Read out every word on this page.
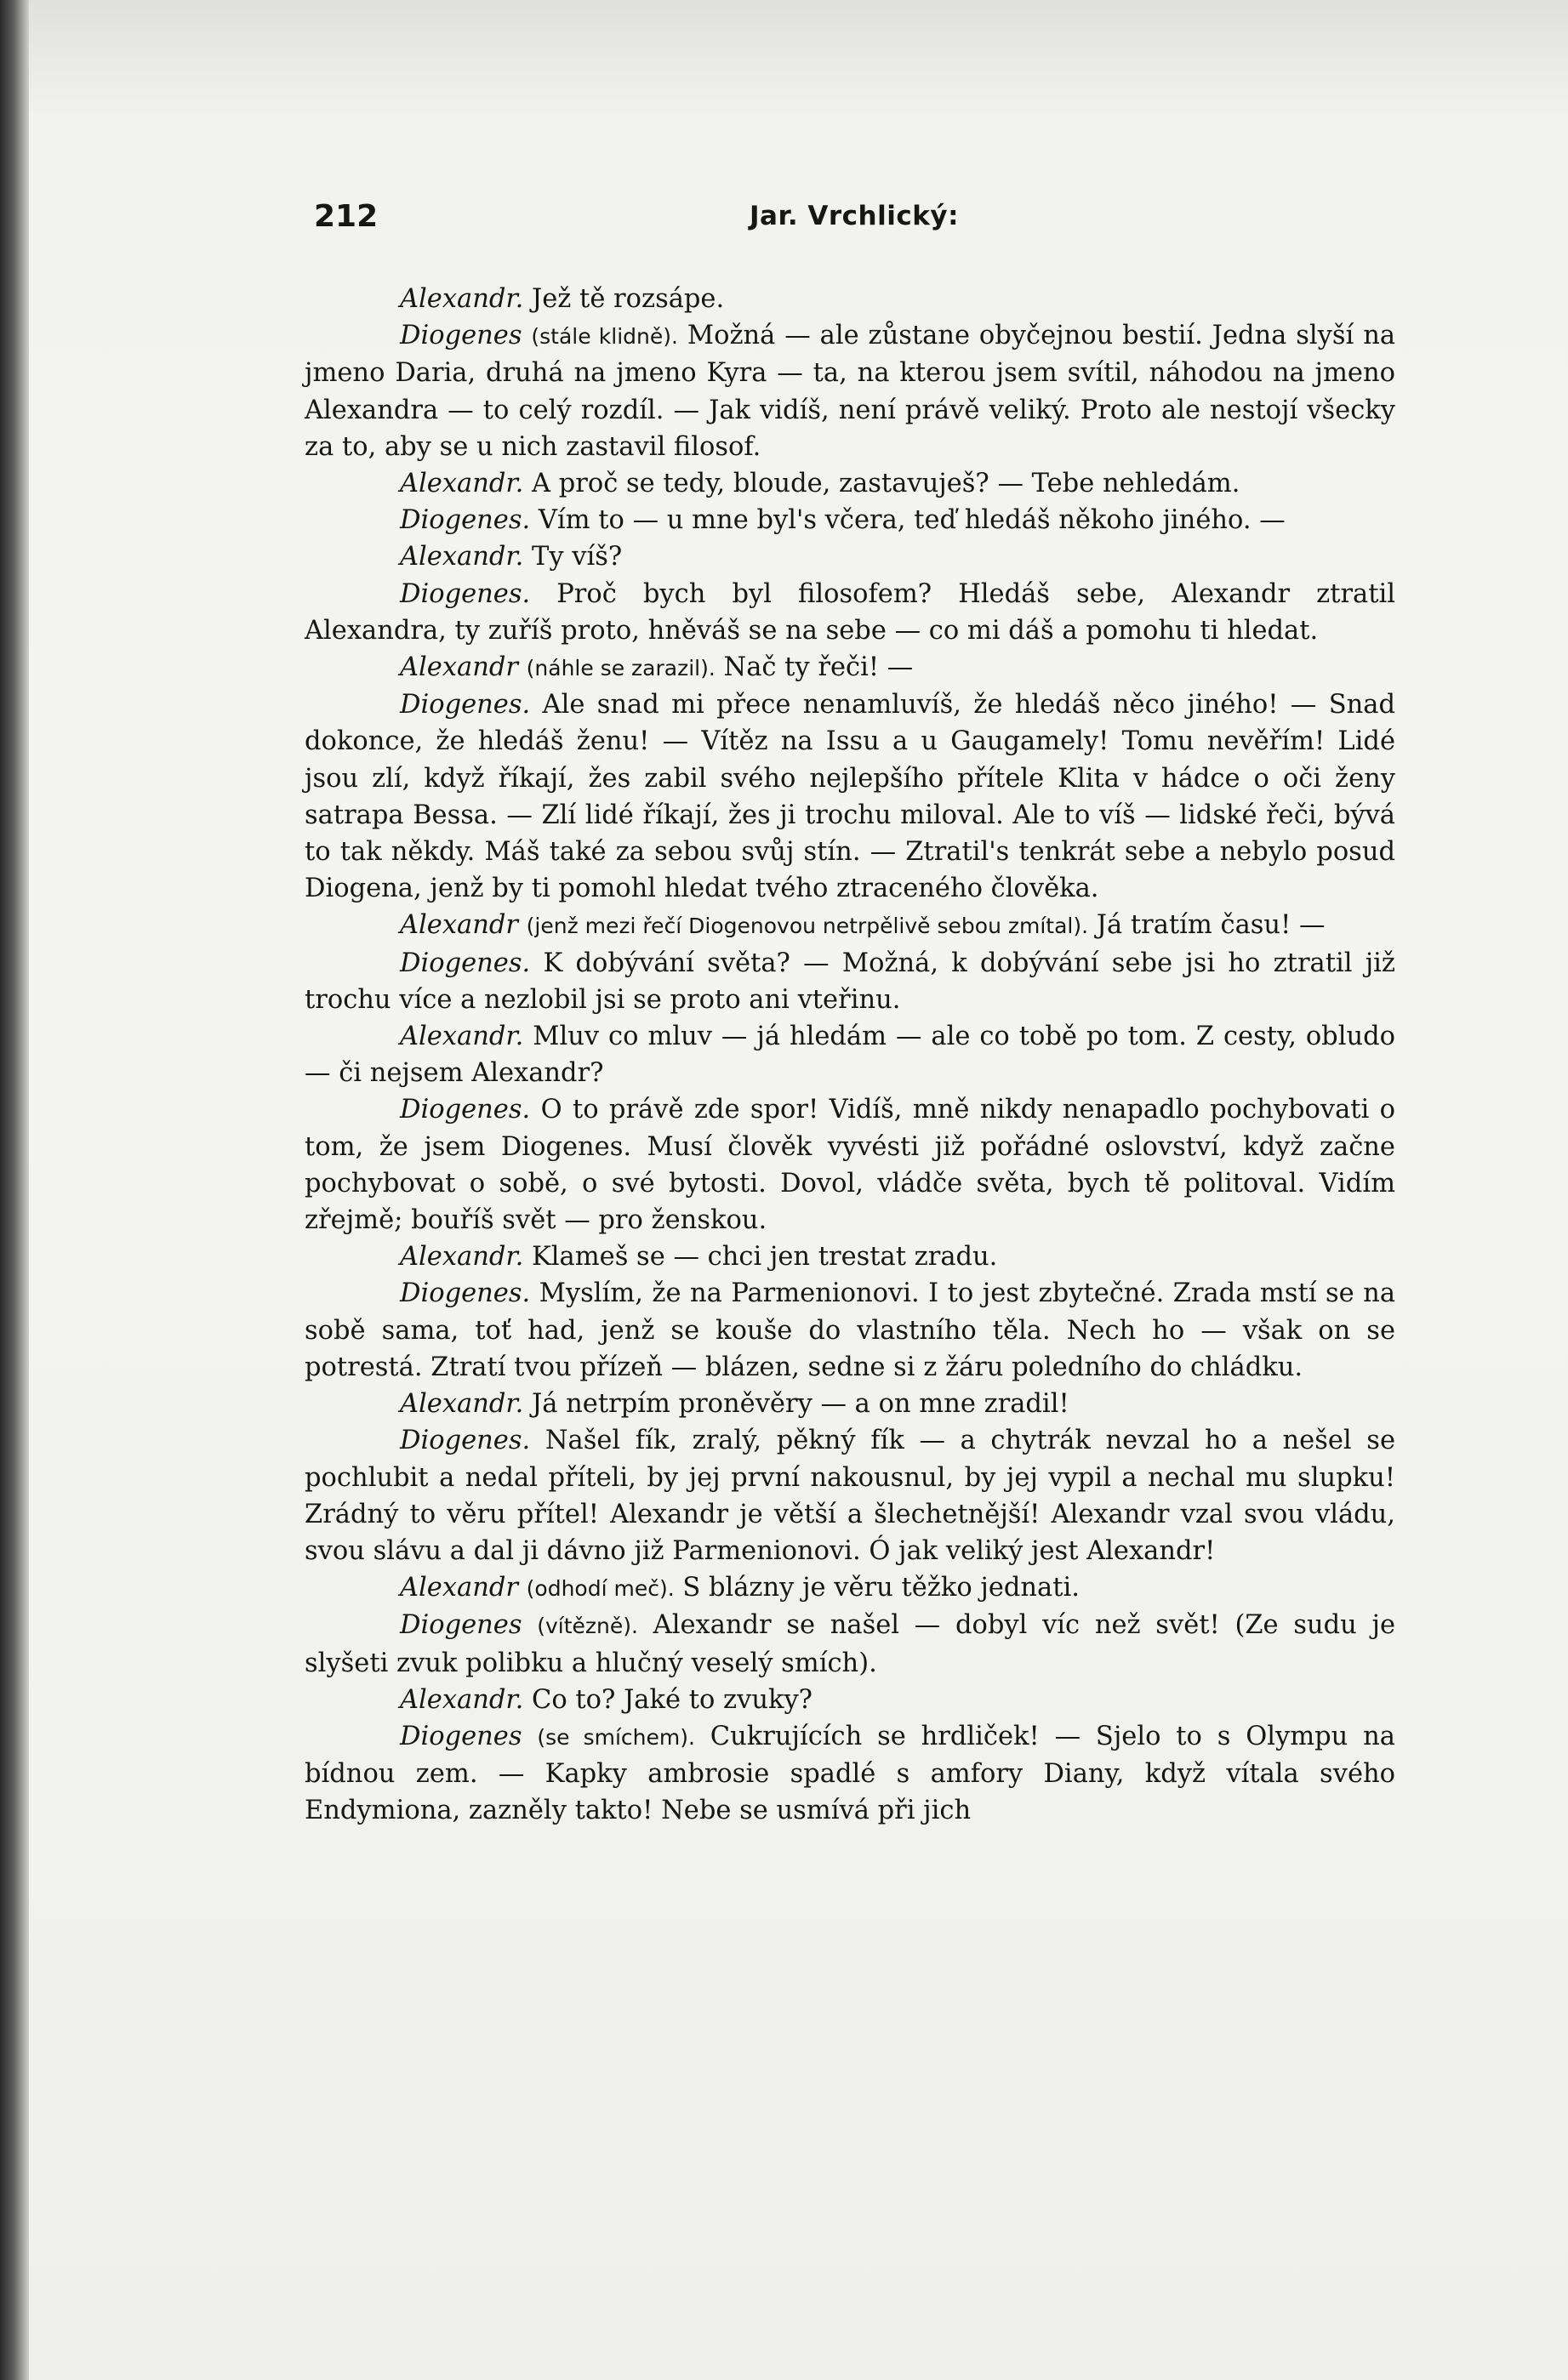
212	Jar. Vrchlický:

Alexandr. Jež tě rozsápe.

Diogenes (stále klidně). Možná — ale zůstane obyčejnou bestií. Jedna slyší na jmeno Daria, druhá na jmeno Kyra — ta, na kterou jsem svítil, náhodou na jmeno Alexandra — to celý rozdíl. — Jak vidíš, není právě veliký. Proto ale nestojí všecky za to, aby se u nich zastavil filosof.

Alexandr. A proč se tedy, bloude, zastavuješ? — Tebe nehledám.

Diogenes. Vím to — u mne byl's včera, teď hledáš někoho jiného. —

Alexandr. Ty víš?

Diogenes. Proč bych byl filosofem? Hledáš sebe, Alexandr ztratil Alexandra, ty zuříš proto, hněváš se na sebe — co mi dáš a pomohu ti hledat.

Alexandr (náhle se zarazil). Nač ty řeči! —

Diogenes. Ale snad mi přece nenamluvíš, že hledáš něco jiného! — Snad dokonce, že hledáš ženu! — Vítěz na Issu a u Gaugamely! Tomu nevěřím! Lidé jsou zlí, když říkají, žes zabil svého nejlepšího přítele Klita v hádce o oči ženy satrapa Bessa. — Zlí lidé říkají, žes ji trochu miloval. Ale to víš — lidské řeči, bývá to tak někdy. Máš také za sebou svůj stín. — Ztratil's tenkrát sebe a nebylo posud Diogena, jenž by ti pomohl hledat tvého ztraceného člověka.

Alexandr (jenž mezi řečí Diogenovou netrpělivě sebou zmítal). Já tratím času! —

Diogenes. K dobývání světa? — Možná, k dobývání sebe jsi ho ztratil již trochu více a nezlobil jsi se proto ani vteřinu.

Alexandr. Mluv co mluv — já hledám — ale co tobě po tom. Z cesty, obludo — či nejsem Alexandr?

Diogenes. O to právě zde spor! Vidíš, mně nikdy nenapadlo pochybovati o tom, že jsem Diogenes. Musí člověk vyvésti již pořádné oslovství, když začne pochybovat o sobě, o své bytosti. Dovol, vládče světa, bych tě politoval. Vidím zřejmě; bouříš svět — pro ženskou.

Alexandr. Klameš se — chci jen trestat zradu.

Diogenes. Myslím, že na Parmenionovi. I to jest zbytečné. Zrada mstí se na sobě sama, toť had, jenž se kouše do vlastního těla. Nech ho — však on se potrestá. Ztratí tvou přízeň — blázen, sedne si z žáru poledního do chládku.

Alexandr. Já netrpím proněvěry — a on mne zradil!

Diogenes. Našel fík, zralý, pěkný fík — a chytrák nevzal ho a nešel se pochlubit a nedal příteli, by jej první nakousnul, by jej vypil a nechal mu slupku! Zrádný to věru přítel! Alexandr je větší a šlechetnější! Alexandr vzal svou vládu, svou slávu a dal ji dávno již Parmenionovi. Ó jak veliký jest Alexandr!

Alexandr (odhodí meč). S blázny je věru těžko jednati.

Diogenes (vítězně). Alexandr se našel — dobyl víc než svět! (Ze sudu je slyšeti zvuk polibku a hlučný veselý smích).

Alexandr. Co to? Jaké to zvuky?

Diogenes (se smíchem). Cukrujících se hrdliček! — Sjelo to s Olympu na bídnou zem. — Kapky ambrosie spadlé s amfory Diany, když vítala svého Endymiona, zazněly takto! Nebe se usmívá při jich
